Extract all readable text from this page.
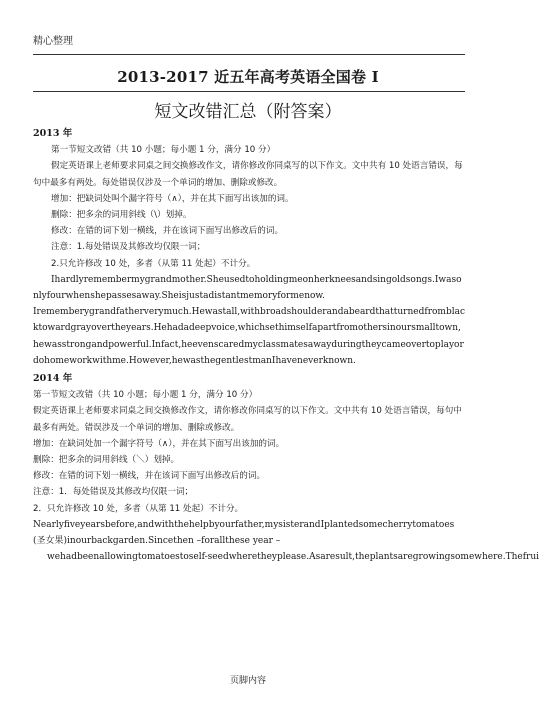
精心整理
2013-2017 近五年高考英语全国卷 I
短文改错汇总（附答案）
2013 年
第一节短文改错（共 10 小题；每小题 1 分，满分 10 分）
假定英语课上老师要求同桌之间交换修改作文，请你修改你同桌写的以下作文。文中共有 10 处语言错误，每句中最多有两处。每处错误仅涉及一个单词的增加、删除或修改。
增加：把缺词处叫个漏字符号（∧），并在其下面写出该加的词。
删除：把多余的词用斜线（\）划掉。
修改：在错的词下划一横线，并在该词下面写出修改后的词。
注意：1.每处错误及其修改均仅限一词；
2.只允许修改 10 处，多者（从第 11 处起）不计分。
Ihardlyremembermygrandmother.Sheusedtoholdingmeonherkneesandsingoldsongs.Iwasonlyfourwhenshepassesaway.Sheisjustadistantmemoryformenow.
Irememberygrandfatherverymuch.Hewastall,withbroadshoulderandabeardthatturnedfromblacktowardgrayovertheyears.Hehadadeepvoice,whichsethimselfapartfromothersinoursmalltown,hewasstrongandpowerful.Infact,heevenscaredmyclassmatesawayduringtheycameovertoplayordohomeworkwithme.However,hewasthegentlestmanIhaveneverknown.
2014 年
第一节短文改错（共 10 小题；每小题 1 分，满分 10 分）
假定英语课上老师要求同桌之间交换修改作文，请你修改你同桌写的以下作文。文中共有 10 处语言错误，每句中最多有两处。错误涉及一个单词的增加、删除或修改。
增加：在缺词处加一个漏字符号（∧），并在其下面写出该加的词。
删除：把多余的词用斜线（＼）划掉。
修改：在错的词下划一横线，并在该词下面写出修改后的词。
注意：1．每处错误及其修改均仅限一词；
2．只允许修改 10 处，多者（从第 11 处起）不计分。
Nearlyfiveyearsbefore,andwiththehelpbyourfather,mysisterandIplantedsomecherrytomatoes(圣女果)inourbackgarden.Sincethen –forallthese year –
wehadbeenallowingtomatoestoself-seedwheretheyplease.Asaresult,theplantsaregrowingsomewhere.Thefrui
页脚内容
